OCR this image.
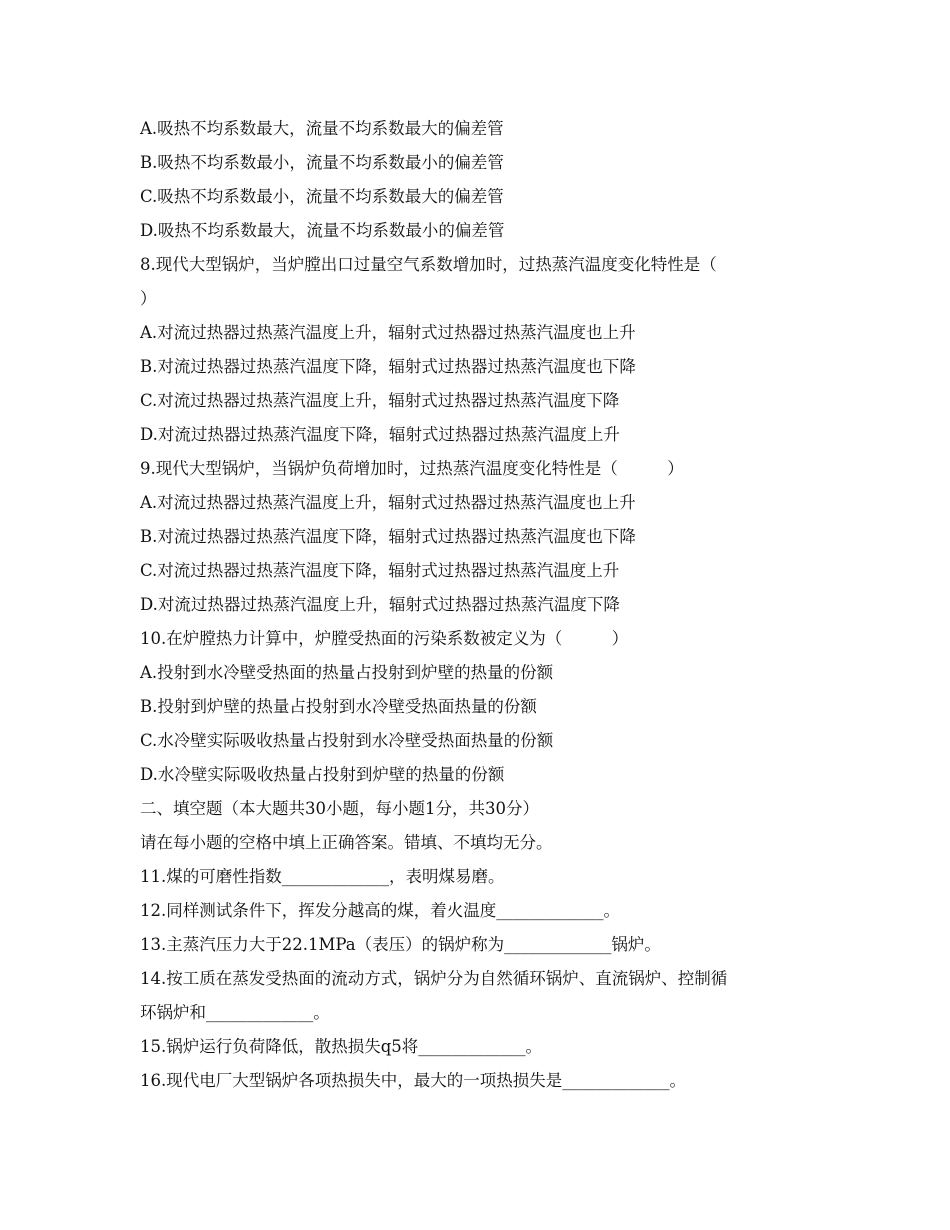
A.吸热不均系数最大，流量不均系数最大的偏差管
B.吸热不均系数最小，流量不均系数最小的偏差管
C.吸热不均系数最小，流量不均系数最大的偏差管
D.吸热不均系数最大，流量不均系数最小的偏差管
8.现代大型锅炉，当炉膛出口过量空气系数增加时，过热蒸汽温度变化特性是（
）
A.对流过热器过热蒸汽温度上升，辐射式过热器过热蒸汽温度也上升
B.对流过热器过热蒸汽温度下降，辐射式过热器过热蒸汽温度也下降
C.对流过热器过热蒸汽温度上升，辐射式过热器过热蒸汽温度下降
D.对流过热器过热蒸汽温度下降，辐射式过热器过热蒸汽温度上升
9.现代大型锅炉，当锅炉负荷增加时，过热蒸汽温度变化特性是（　　　）
A.对流过热器过热蒸汽温度上升，辐射式过热器过热蒸汽温度也上升
B.对流过热器过热蒸汽温度下降，辐射式过热器过热蒸汽温度也下降
C.对流过热器过热蒸汽温度下降，辐射式过热器过热蒸汽温度上升
D.对流过热器过热蒸汽温度上升，辐射式过热器过热蒸汽温度下降
10.在炉膛热力计算中，炉膛受热面的污染系数被定义为（　　　）
A.投射到水冷壁受热面的热量占投射到炉壁的热量的份额
B.投射到炉壁的热量占投射到水冷壁受热面热量的份额
C.水冷壁实际吸收热量占投射到水冷壁受热面热量的份额
D.水冷壁实际吸收热量占投射到炉壁的热量的份额
二、填空题（本大题共30小题，每小题1分，共30分）
请在每小题的空格中填上正确答案。错填、不填均无分。
11.煤的可磨性指数_____________，表明煤易磨。
12.同样测试条件下，挥发分越高的煤，着火温度_____________。
13.主蒸汽压力大于22.1MPa（表压）的锅炉称为_____________锅炉。
14.按工质在蒸发受热面的流动方式，锅炉分为自然循环锅炉、直流锅炉、控制循
环锅炉和_____________。
15.锅炉运行负荷降低，散热损失q5将_____________。
16.现代电厂大型锅炉各项热损失中，最大的一项热损失是_____________。
